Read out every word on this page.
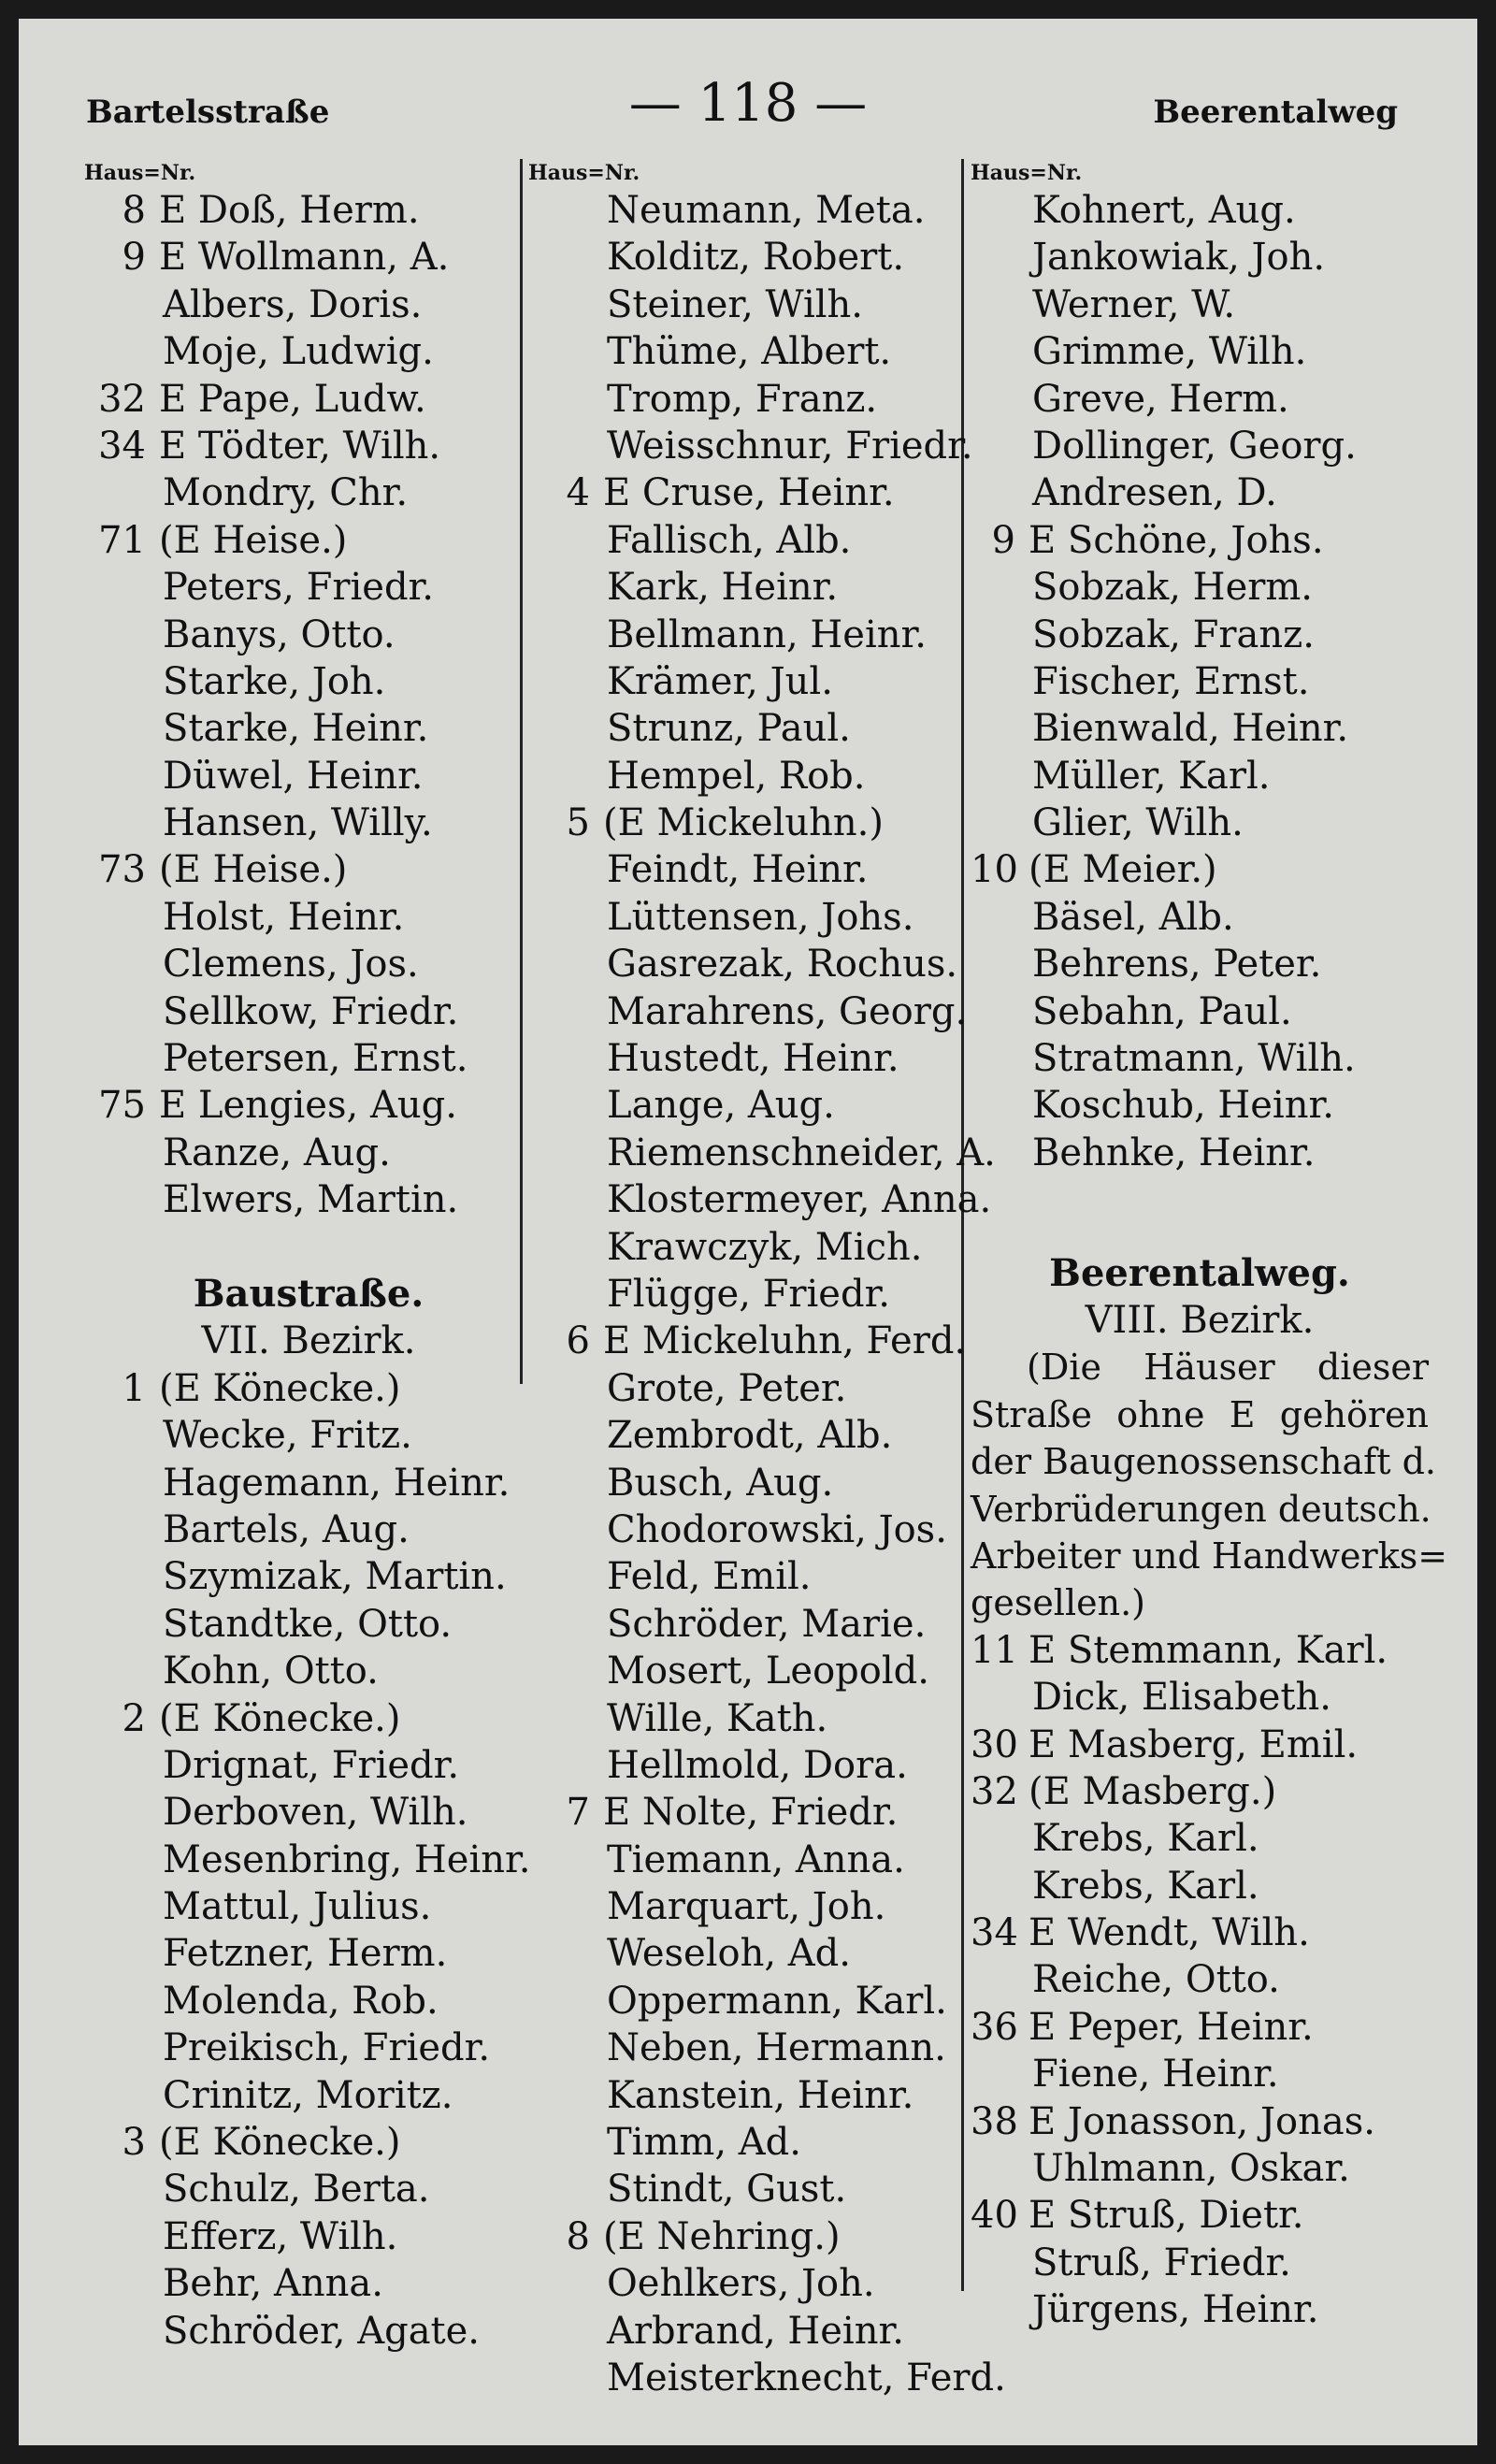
Bartelsstraße	— 118 —	Beerentalweg
Haus=Nr.
8 E Doß, Herm.
9 E Wollmann, A.
Albers, Doris.
Moje, Ludwig.
32 E Pape, Ludw.
34 E Tödter, Wilh.
Mondry, Chr.
71 (E Heise.)
Peters, Friedr.
Banys, Otto.
Starke, Joh.
Starke, Heinr.
Düwel, Heinr.
Hansen, Willy.
73 (E Heise.)
Holst, Heinr.
Clemens, Jos.
Sellkow, Friedr.
Petersen, Ernst.
75 E Lengies, Aug.
Ranze, Aug.
Elwers, Martin.
Baustraße.
VII. Bezirk.
1 (E Könecke.)
Wecke, Fritz.
Hagemann, Heinr.
Bartels, Aug.
Szymizak, Martin.
Standtke, Otto.
Kohn, Otto.
2 (E Könecke.)
Drignat, Friedr.
Derboven, Wilh.
Mesenbring, Heinr.
Mattul, Julius.
Fetzner, Herm.
Molenda, Rob.
Preikisch, Friedr.
Crinitz, Moritz.
3 (E Könecke.)
Schulz, Berta.
Efferz, Wilh.
Behr, Anna.
Schröder, Agate.
Haus=Nr.
Neumann, Meta.
Kolditz, Robert.
Steiner, Wilh.
Thüme, Albert.
Tromp, Franz.
Weisschnur, Friedr.
4 E Cruse, Heinr.
Fallisch, Alb.
Kark, Heinr.
Bellmann, Heinr.
Krämer, Jul.
Strunz, Paul.
Hempel, Rob.
5 (E Mickeluhn.)
Feindt, Heinr.
Lüttensen, Johs.
Gasrezak, Rochus.
Marahrens, Georg.
Hustedt, Heinr.
Lange, Aug.
Riemenschneider, A.
Klostermeyer, Anna.
Krawczyk, Mich.
Flügge, Friedr.
6 E Mickeluhn, Ferd.
Grote, Peter.
Zembrodt, Alb.
Busch, Aug.
Chodorowski, Jos.
Feld, Emil.
Schröder, Marie.
Mosert, Leopold.
Wille, Kath.
Hellmold, Dora.
7 E Nolte, Friedr.
Tiemann, Anna.
Marquart, Joh.
Weseloh, Ad.
Oppermann, Karl.
Neben, Hermann.
Kanstein, Heinr.
Timm, Ad.
Stindt, Gust.
8 (E Nehring.)
Oehlkers, Joh.
Arbrand, Heinr.
Meisterknecht, Ferd.
Haus=Nr.
Kohnert, Aug.
Jankowiak, Joh.
Werner, W.
Grimme, Wilh.
Greve, Herm.
Dollinger, Georg.
Andresen, D.
9 E Schöne, Johs.
Sobzak, Herm.
Sobzak, Franz.
Fischer, Ernst.
Bienwald, Heinr.
Müller, Karl.
Glier, Wilh.
10 (E Meier.)
Bäsel, Alb.
Behrens, Peter.
Sebahn, Paul.
Stratmann, Wilh.
Koschub, Heinr.
Behnke, Heinr.
Beerentalweg.
VIII. Bezirk.
(Die Häuser dieser
Straße ohne E gehören
der Baugenossenschaft d.
Verbrüderungen deutsch.
Arbeiter und Handwerks=
gesellen.)
11 E Stemmann, Karl.
Dick, Elisabeth.
30 E Masberg, Emil.
32 (E Masberg.)
Krebs, Karl.
Krebs, Karl.
34 E Wendt, Wilh.
Reiche, Otto.
36 E Peper, Heinr.
Fiene, Heinr.
38 E Jonasson, Jonas.
Uhlmann, Oskar.
40 E Struß, Dietr.
Struß, Friedr.
Jürgens, Heinr.
